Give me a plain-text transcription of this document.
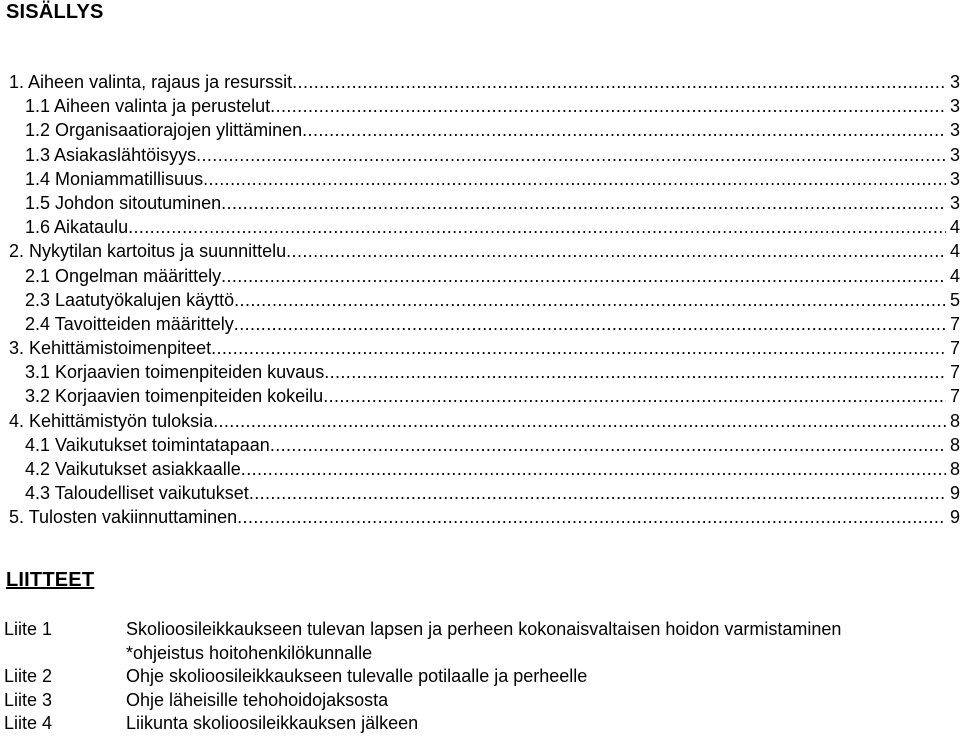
SISÄLLYS
1. Aiheen valinta, rajaus ja resurssit .....	3
1.1 Aiheen valinta ja perustelut .....	3
1.2 Organisaatiorajojen ylittäminen .....	3
1.3 Asiakaslähtöisyys .....	3
1.4 Moniammatillisuus .....	3
1.5 Johdon sitoutuminen .....	3
1.6 Aikataulu .....	4
2. Nykytilan kartoitus ja suunnittelu .....	4
2.1 Ongelman määrittely .....	4
2.3 Laatutyökalujen käyttö .....	5
2.4 Tavoitteiden määrittely .....	7
3. Kehittämistoimenpiteet .....	7
3.1 Korjaavien toimenpiteiden kuvaus .....	7
3.2 Korjaavien toimenpiteiden kokeilu .....	7
4. Kehittämistyön tuloksia .....	8
4.1 Vaikutukset toimintatapaan .....	8
4.2 Vaikutukset asiakkaalle .....	8
4.3 Taloudelliset vaikutukset .....	9
5. Tulosten vakiinnuttaminen .....	9
LIITTEET
Liite 1	Skolioosileikkaukseen tulevan lapsen ja perheen kokonaisvaltaisen hoidon varmistaminen
*ohjeistus hoitohenkilökunnalle
Liite 2	Ohje skolioosileikkaukseen tulevalle potilaalle ja perheelle
Liite 3	Ohje läheisille tehohoidojaksosta
Liite 4	Liikunta skolioosileikkauksen jälkeen
